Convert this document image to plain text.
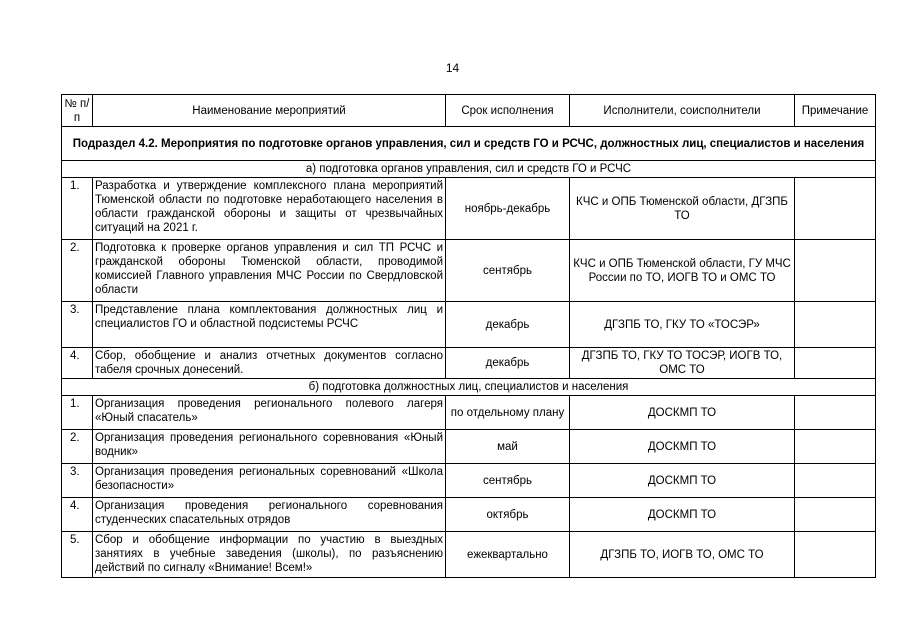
14
№ п/п	Наименование мероприятий	Срок исполнения	Исполнители, соисполнители	Примечание
Подраздел 4.2. Мероприятия по подготовке органов управления, сил и средств ГО и РСЧС, должностных лиц, специалистов и населения				
а) подготовка органов управления, сил и средств ГО и РСЧС				
1.	Разработка и утверждение комплексного плана мероприятий Тюменской области по подготовке неработающего населения в области гражданской обороны и защиты от чрезвычайных ситуаций на 2021 г.	ноябрь-декабрь	КЧС и ОПБ Тюменской области, ДГЗПБ ТО	
2.	Подготовка к проверке органов управления и сил ТП РСЧС и гражданской обороны Тюменской области, проводимой комиссией Главного управления МЧС России по Свердловской области	сентябрь	КЧС и ОПБ Тюменской области, ГУ МЧС России по ТО, ИОГВ ТО и ОМС ТО	
3.	Представление плана комплектования должностных лиц и специалистов ГО и областной подсистемы РСЧС	декабрь	ДГЗПБ ТО, ГКУ ТО «ТОСЭР»	
4.	Сбор, обобщение и анализ отчетных документов согласно табеля срочных донесений.	декабрь	ДГЗПБ ТО, ГКУ ТО ТОСЭР, ИОГВ ТО, ОМС ТО	
б) подготовка должностных лиц, специалистов и населения				
1.	Организация проведения регионального полевого лагеря «Юный спасатель»	по отдельному плану	ДОСКМП ТО	
2.	Организация проведения регионального соревнования «Юный водник»	май	ДОСКМП ТО	
3.	Организация проведения региональных соревнований «Школа безопасности»	сентябрь	ДОСКМП ТО	
4.	Организация проведения регионального соревнования студенческих спасательных отрядов	октябрь	ДОСКМП ТО	
5.	Сбор и обобщение информации по участию в выездных занятиях в учебные заведения (школы), по разъяснению действий по сигналу «Внимание! Всем!»	ежеквартально	ДГЗПБ ТО, ИОГВ ТО, ОМС ТО	
